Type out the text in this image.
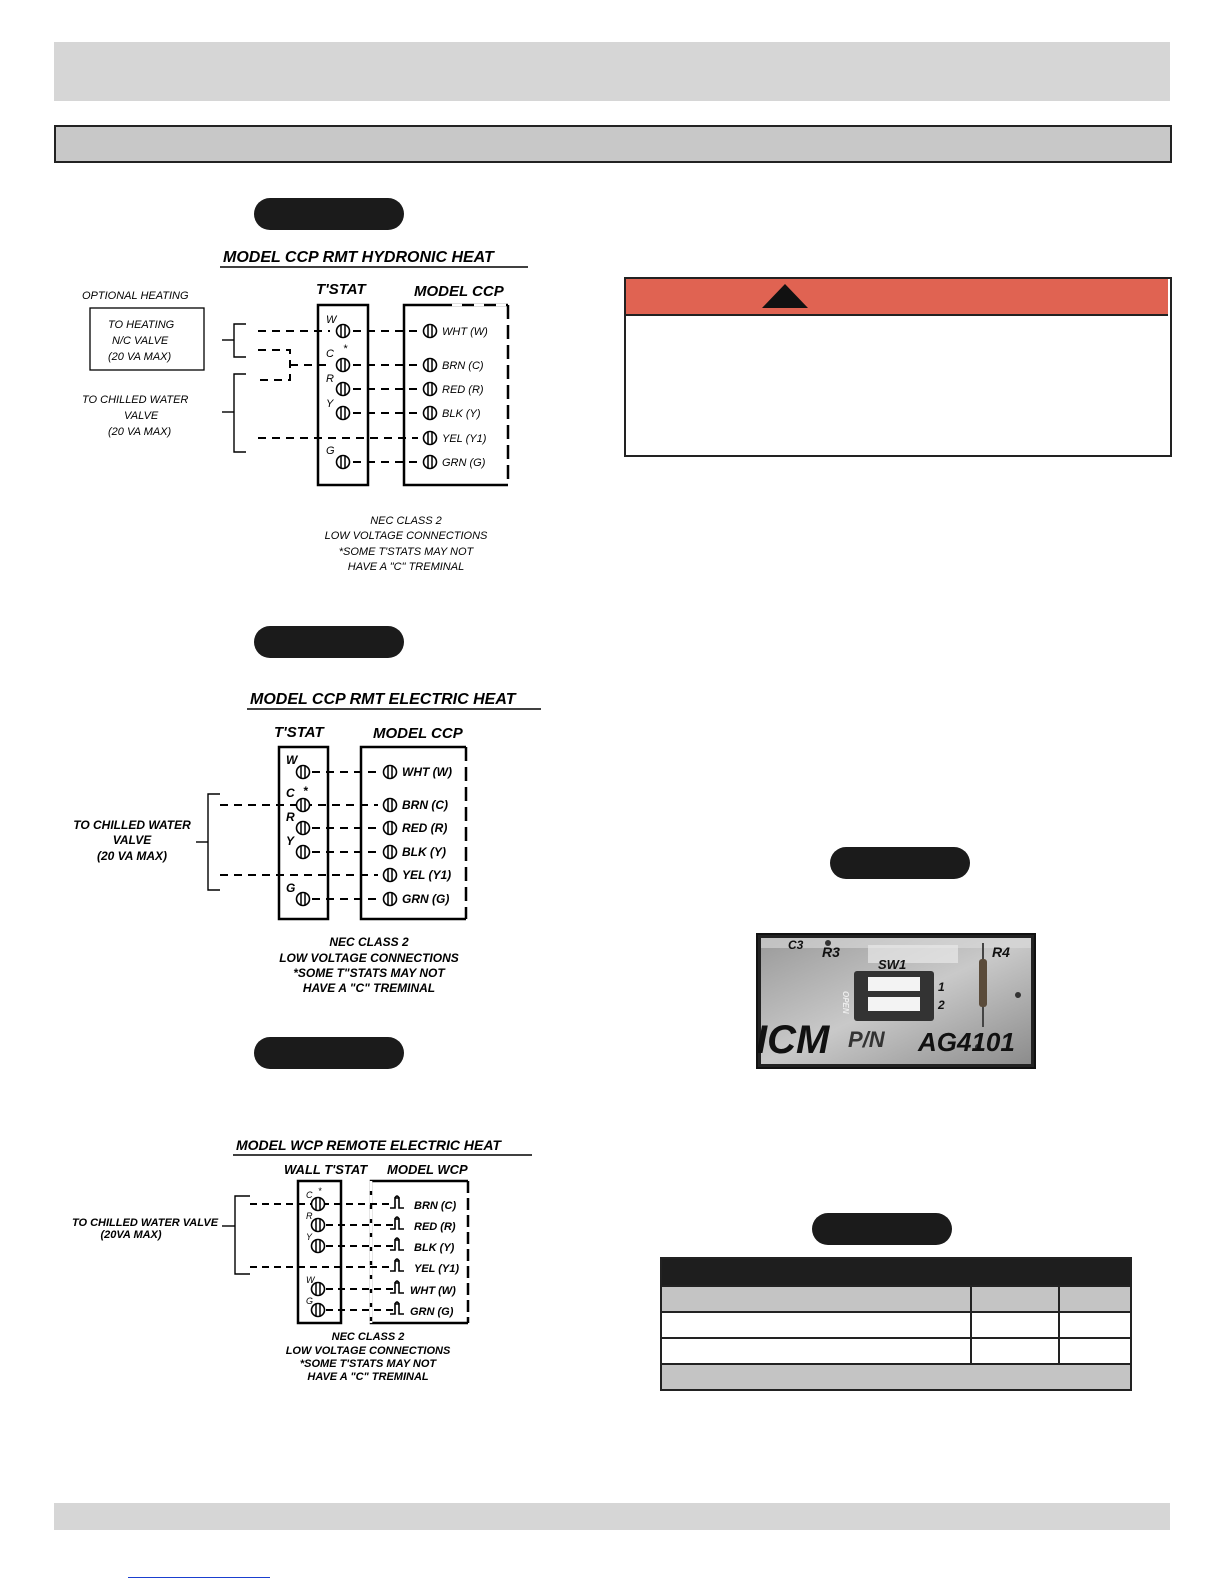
MODEL CCP RMT HYDRONIC HEAT
T'STAT	MODEL CCP
OPTIONAL HEATING
TO HEATING
N/C VALVE
(20 VA MAX)
TO CHILLED WATER
VALVE
(20 VA MAX)
W
C *
R
Y
G
WHT (W)
BRN (C)
RED (R)
BLK (Y)
YEL (Y1)
GRN (G)
NEC CLASS 2
LOW VOLTAGE CONNECTIONS
*SOME T'STATS MAY NOT
HAVE A "C" TREMINAL
MODEL CCP RMT ELECTRIC HEAT
T'STAT	MODEL CCP
TO CHILLED WATER
VALVE
(20 VA MAX)
W
C *
R
Y
G
WHT (W)
BRN (C)
RED (R)
BLK (Y)
YEL (Y1)
GRN (G)
NEC CLASS 2
LOW VOLTAGE CONNECTIONS
*SOME T"STATS MAY NOT
HAVE A "C" TREMINAL
MODEL WCP REMOTE ELECTRIC HEAT
WALL T'STAT MODEL WCP
TO CHILLED WATER VALVE
(20VA MAX)
C *
R
Y
W
G
BRN (C)
RED (R)
BLK (Y)
YEL (Y1)
WHT (W)
GRN (G)
NEC CLASS 2
LOW VOLTAGE CONNECTIONS
*SOME T'STATS MAY NOT
HAVE A "C" TREMINAL
C3 R3
SW1
R4
OPEN
1
2
ICM P/N AG4101
